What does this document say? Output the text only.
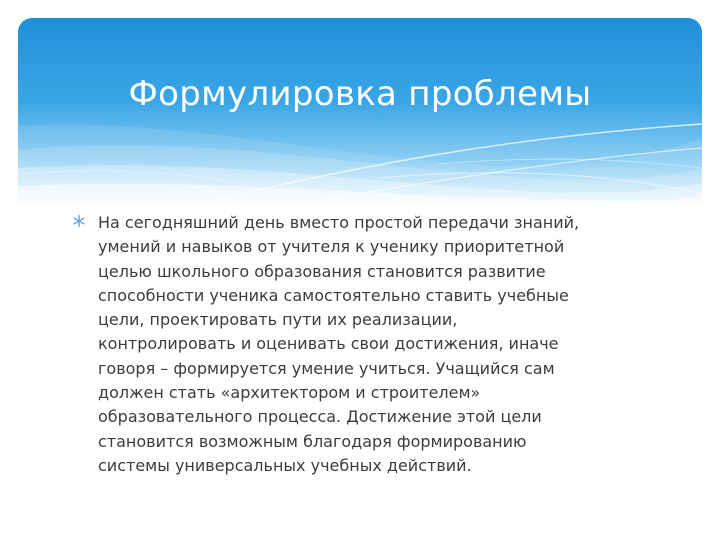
Формулировка проблемы
На сегодняшний день вместо простой передачи знаний,
умений и навыков от учителя к ученику приоритетной
целью школьного образования становится развитие
способности ученика самостоятельно ставить учебные
цели, проектировать пути их реализации,
контролировать и оценивать свои достижения, иначе
говоря – формируется умение учиться. Учащийся сам
должен стать «архитектором и строителем»
образовательного процесса. Достижение этой цели
становится возможным благодаря формированию
системы универсальных учебных действий.
